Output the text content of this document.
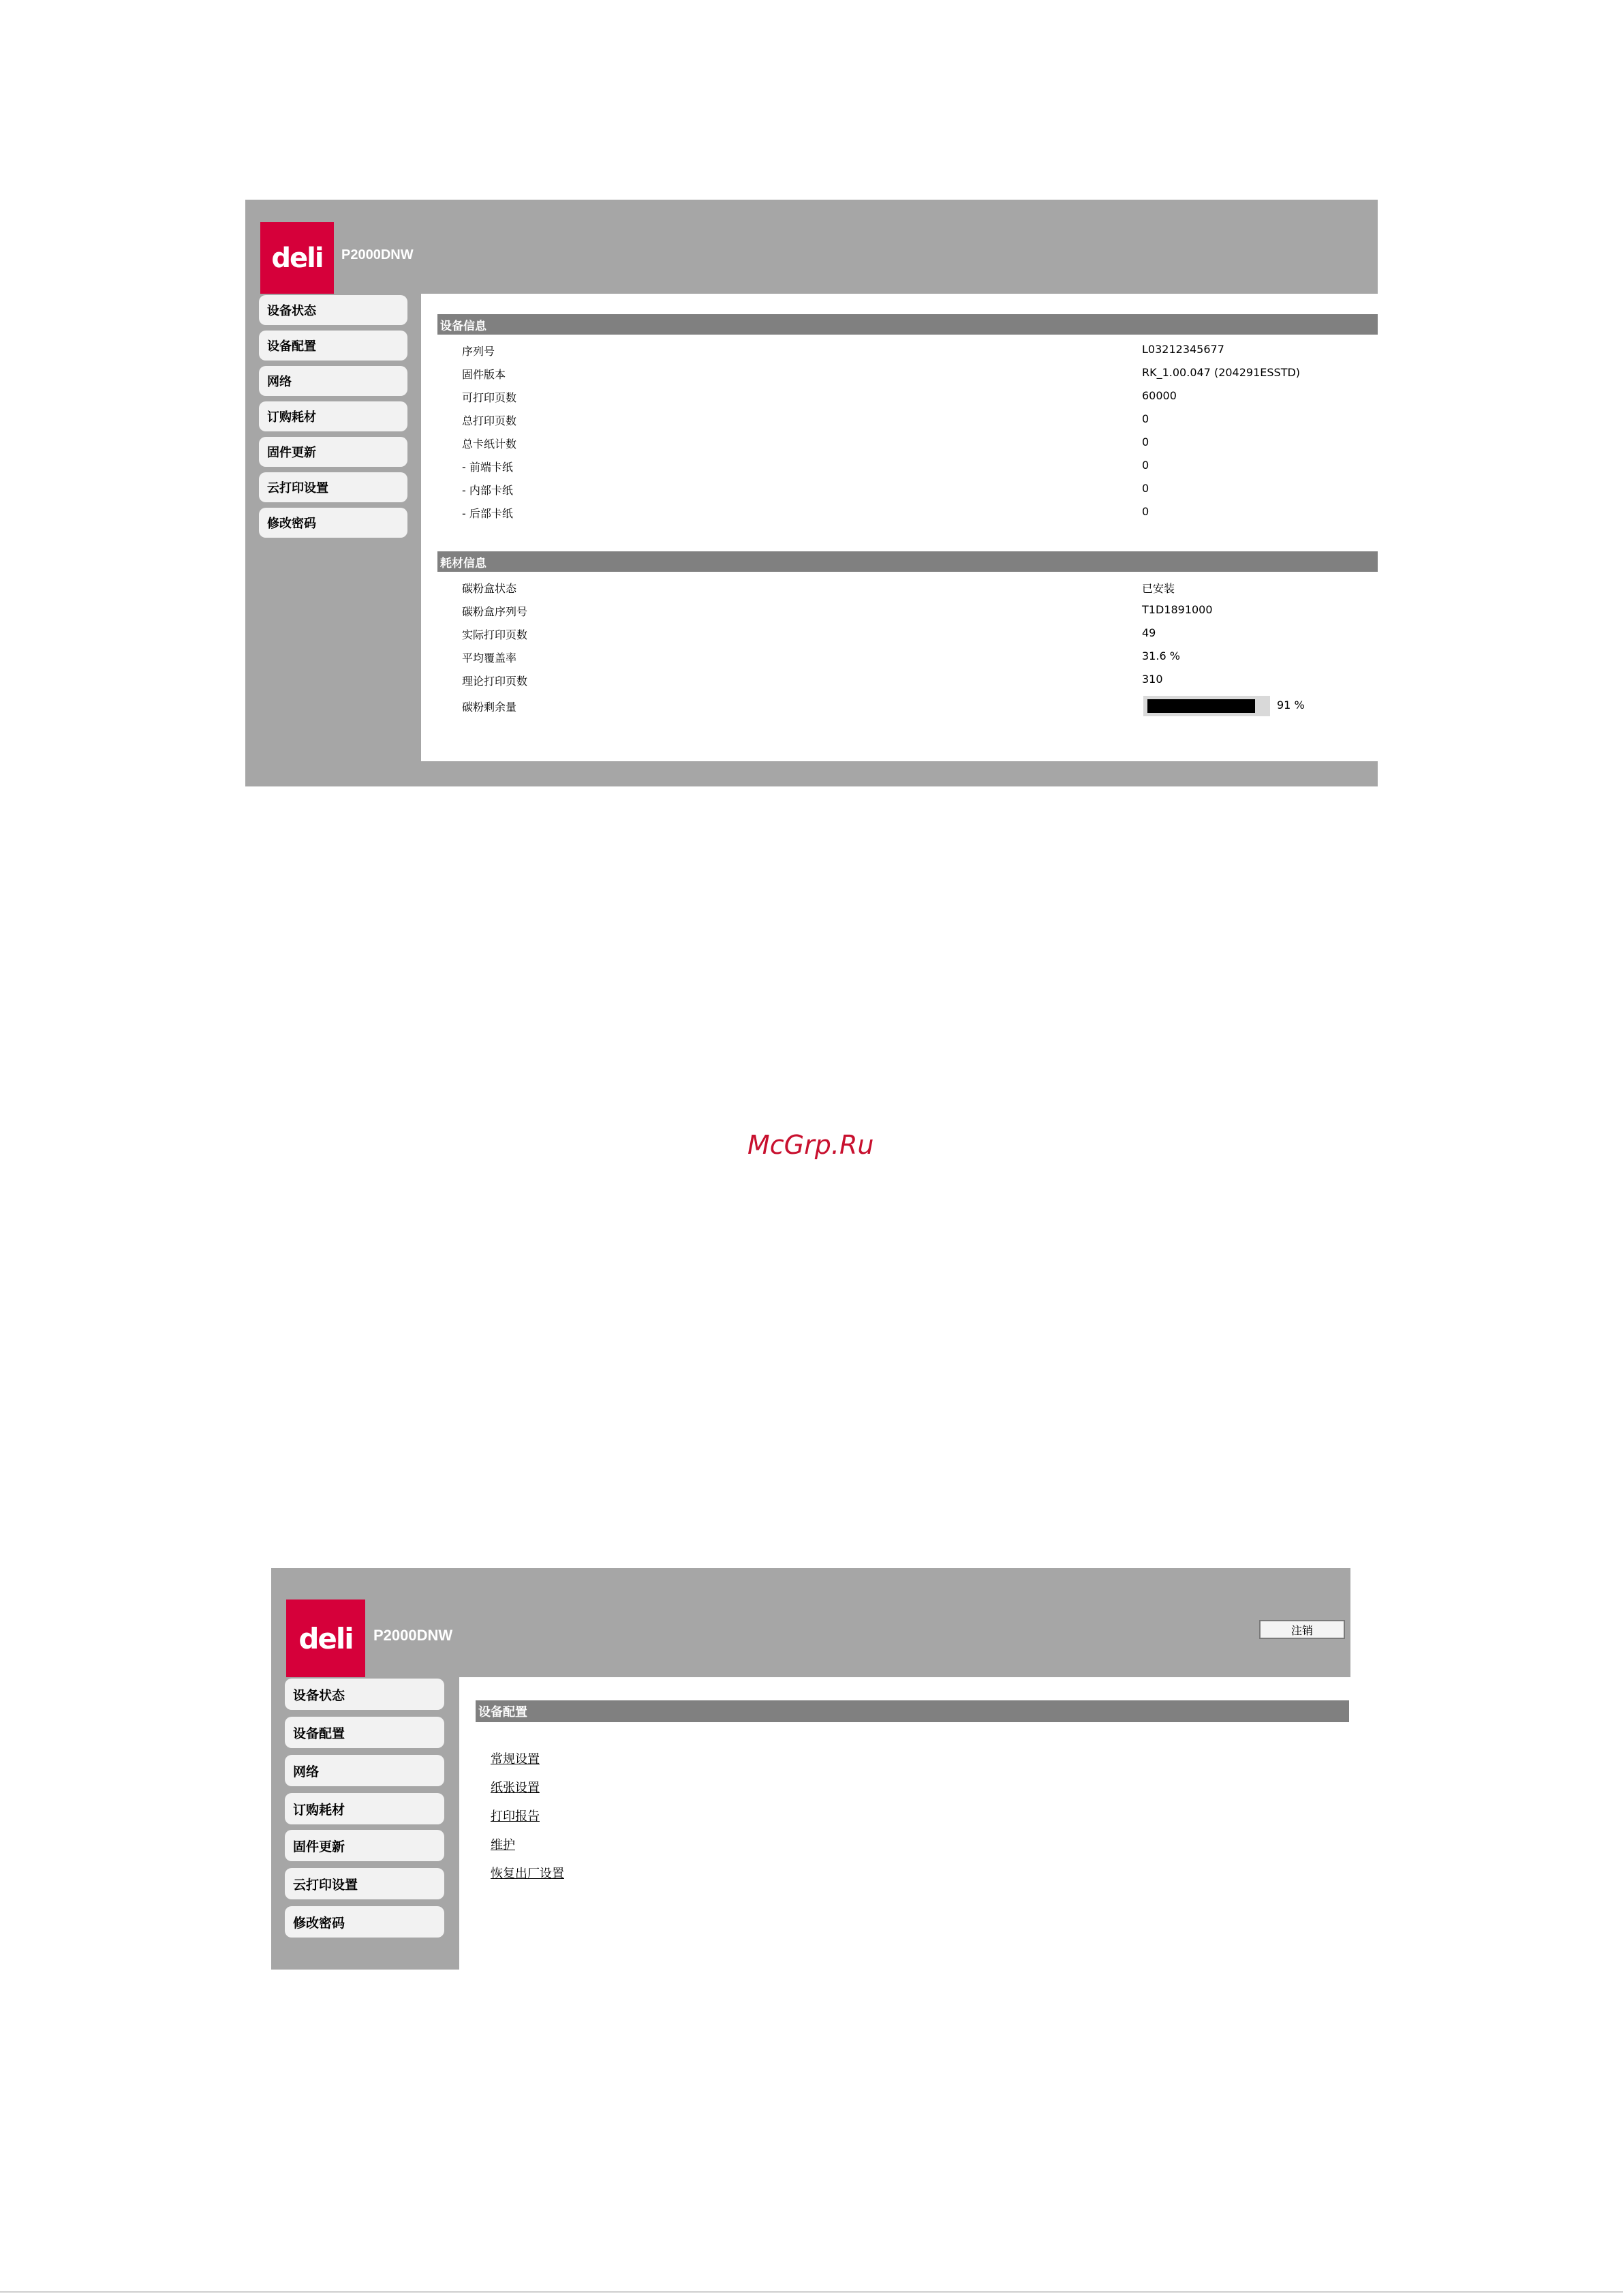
deli P2000DNW
设备状态
设备配置
网络
订购耗材
固件更新
云打印设置
修改密码
设备信息
序列号	L03212345677
固件版本	RK_1.00.047 (204291ESSTD)
可打印页数	60000
总打印页数	0
总卡纸计数	0
- 前端卡纸	0
- 内部卡纸	0
- 后部卡纸	0
耗材信息
碳粉盒状态	已安装
碳粉盒序列号	T1D1891000
实际打印页数	49
平均覆盖率	31.6 %
理论打印页数	310
碳粉剩余量	91 %
McGrp.Ru
deli P2000DNW	注销
设备状态
设备配置
网络
订购耗材
固件更新
云打印设置
修改密码
设备配置
常规设置
纸张设置
打印报告
维护
恢复出厂设置
